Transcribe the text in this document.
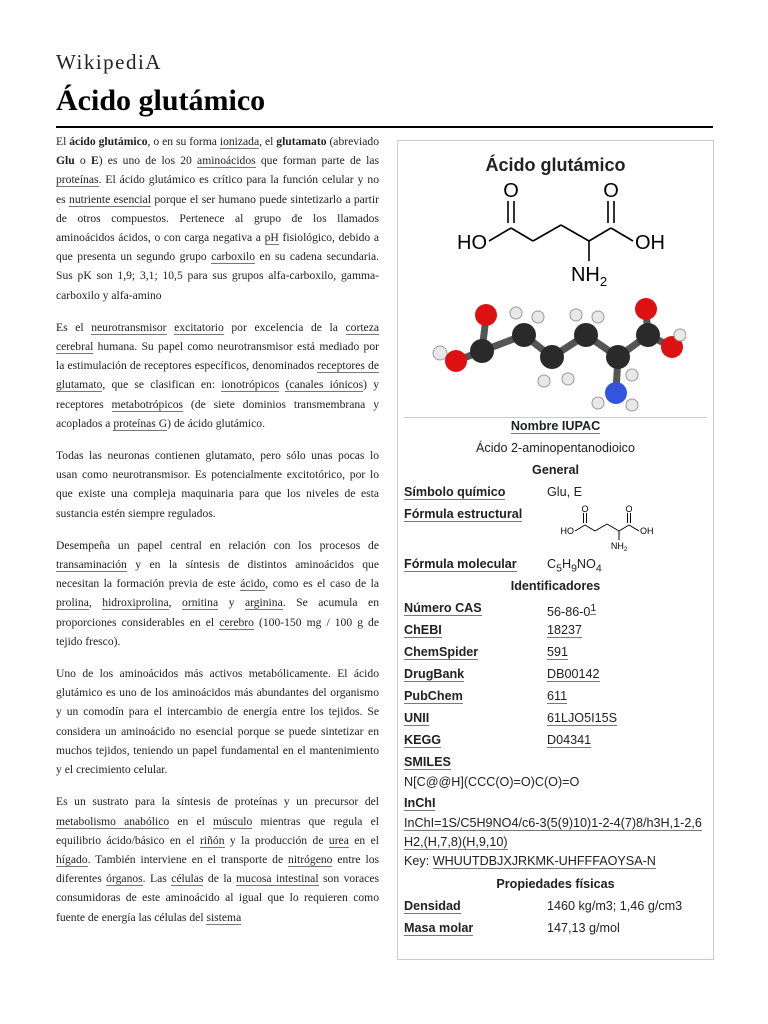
WikipediA
Ácido glutámico

El ácido glutámico, o en su forma ionizada, el glutamato (abreviado Glu o E) es uno de los 20 aminoácidos que forman parte de las proteínas. El ácido glutámico es crítico para la función celular y no es nutriente esencial porque el ser humano puede sintetizarlo a partir de otros compuestos. Pertenece al grupo de los llamados aminoácidos ácidos, o con carga negativa a pH fisiológico, debido a que presenta un segundo grupo carboxilo en su cadena secundaria. Sus pK son 1,9; 3,1; 10,5 para sus grupos alfa-carboxilo, gamma-carboxilo y alfa-amino

Es el neurotransmisor excitatorio por excelencia de la corteza cerebral humana. Su papel como neurotransmisor está mediado por la estimulación de receptores específicos, denominados receptores de glutamato, que se clasifican en: ionotrópicos (canales iónicos) y receptores metabotrópicos (de siete dominios transmembrana y acoplados a proteínas G) de ácido glutámico.

Todas las neuronas contienen glutamato, pero sólo unas pocas lo usan como neurotransmisor. Es potencialmente excitotórico, por lo que existe una compleja maquinaria para que los niveles de esta sustancia estén siempre regulados.

Desempeña un papel central en relación con los procesos de transaminación y en la síntesis de distintos aminoácidos que necesitan la formación previa de este ácido, como es el caso de la prolina, hidroxiprolina, ornitina y arginina. Se acumula en proporciones considerables en el cerebro (100-150 mg / 100 g de tejido fresco).

Uno de los aminoácidos más activos metabólicamente. El ácido glutámico es uno de los aminoácidos más abundantes del organismo y un comodín para el intercambio de energía entre los tejidos. Se considera un aminoácido no esencial porque se puede sintetizar en muchos tejidos, teniendo un papel fundamental en el mantenimiento y el crecimiento celular.

Es un sustrato para la síntesis de proteínas y un precursor del metabolismo anabólico en el músculo mientras que regula el equilibrio ácido/básico en el riñón y la producción de urea en el hígado. También interviene en el transporte de nitrógeno entre los diferentes órganos. Las células de la mucosa intestinal son voraces consumidoras de este aminoácido al igual que lo requieren como fuente de energía las células del sistema

Ácido glutámico
O	O
HO	OH
$NH_2$
Nombre IUPAC
Ácido 2-aminopentanodioico
General
Símbolo químico	Glu, E
Fórmula estructural	O	O
HO	OH
$NH_2$
Fórmula molecular	$C_5H_9NO_4$
Identificadores
Número CAS	$56-86-0^1$
ChEBI	18237
ChemSpider	591
DrugBank	DB00142
PubChem	611
UNII	61LJO5I15S
KEGG	D04341
SMILES
N[C@@H](CCC(O)=O)C(O)=O
InChI
InChI=1S/C5H9NO4/c6-3(5(9)10)1-2-4(7)8/h3H,1-2,6H2,(H,7,8)(H,9,10)
Key: WHUUTDBJXJRKMK-UHFFFAOYSA-N
Propiedades físicas
Densidad	1460 kg/m3; 1,46 g/cm3
Masa molar	147,13 g/mol
